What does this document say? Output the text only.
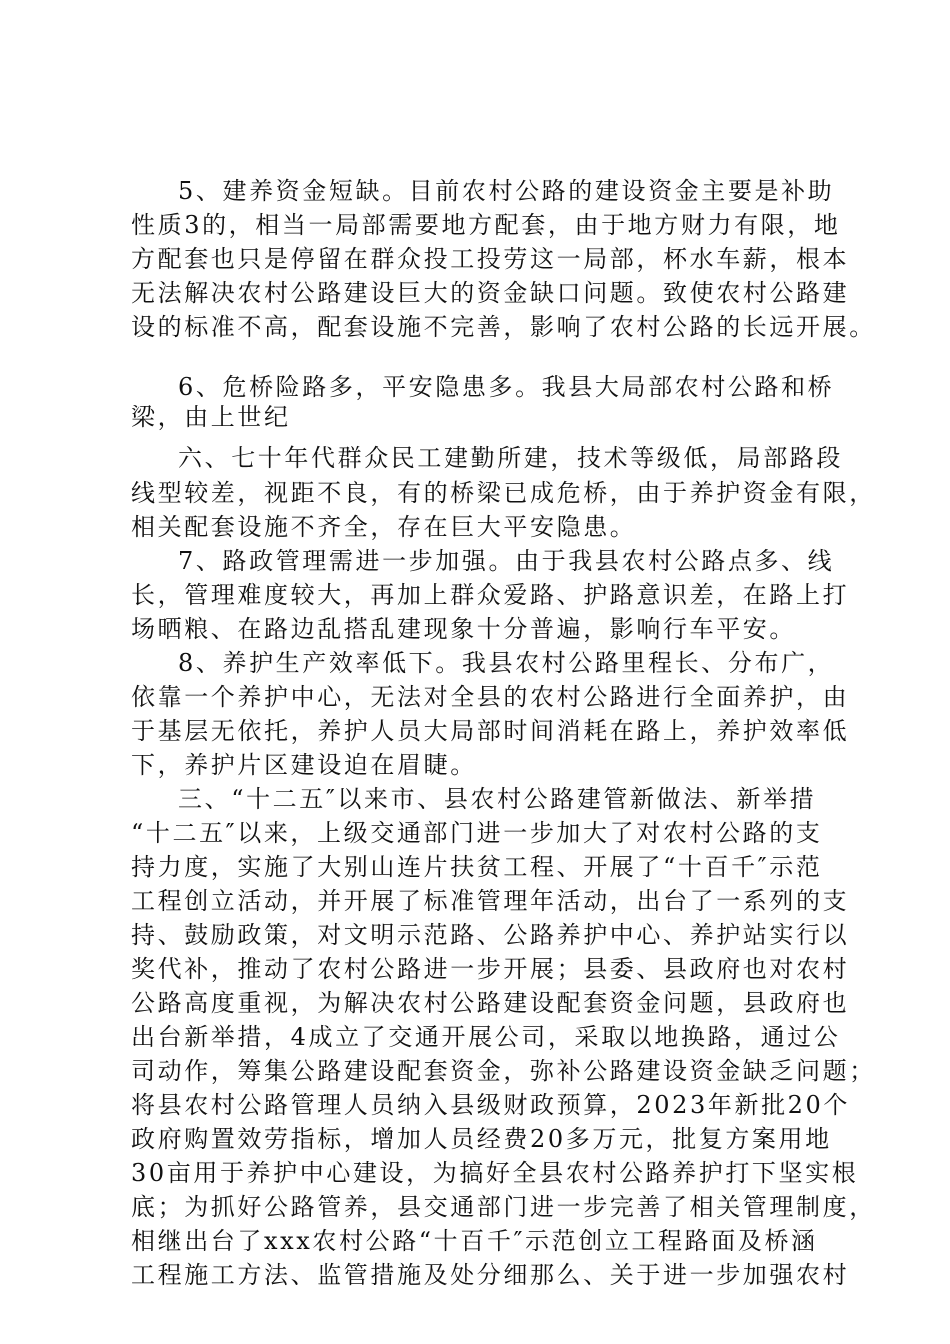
5、建养资金短缺。目前农村公路的建设资金主要是补助
性质3的，相当一局部需要地方配套，由于地方财力有限，地
方配套也只是停留在群众投工投劳这一局部，杯水车薪，根本
无法解决农村公路建设巨大的资金缺口问题。致使农村公路建
设的标准不高，配套设施不完善，影响了农村公路的长远开展。
6、危桥险路多，平安隐患多。我县大局部农村公路和桥
梁，由上世纪
六、七十年代群众民工建勤所建，技术等级低，局部路段
线型较差，视距不良，有的桥梁已成危桥，由于养护资金有限，
相关配套设施不齐全，存在巨大平安隐患。
7、路政管理需进一步加强。由于我县农村公路点多、线
长，管理难度较大，再加上群众爱路、护路意识差，在路上打
场晒粮、在路边乱搭乱建现象十分普遍，影响行车平安。
8、养护生产效率低下。我县农村公路里程长、分布广，
依靠一个养护中心，无法对全县的农村公路进行全面养护，由
于基层无依托，养护人员大局部时间消耗在路上，养护效率低
下，养护片区建设迫在眉睫。
三、“十二五″以来市、县农村公路建管新做法、新举措
“十二五″以来，上级交通部门进一步加大了对农村公路的支
持力度，实施了大别山连片扶贫工程、开展了“十百千″示范
工程创立活动，并开展了标准管理年活动，出台了一系列的支
持、鼓励政策，对文明示范路、公路养护中心、养护站实行以
奖代补，推动了农村公路进一步开展；县委、县政府也对农村
公路高度重视，为解决农村公路建设配套资金问题，县政府也
出台新举措，4成立了交通开展公司，采取以地换路，通过公
司动作，筹集公路建设配套资金，弥补公路建设资金缺乏问题；
将县农村公路管理人员纳入县级财政预算，2023年新批20个
政府购置效劳指标，增加人员经费20多万元，批复方案用地
30亩用于养护中心建设，为搞好全县农村公路养护打下坚实根
底；为抓好公路管养，县交通部门进一步完善了相关管理制度，
相继出台了xxx农村公路“十百千″示范创立工程路面及桥涵
工程施工方法、监管措施及处分细那么、关于进一步加强农村
